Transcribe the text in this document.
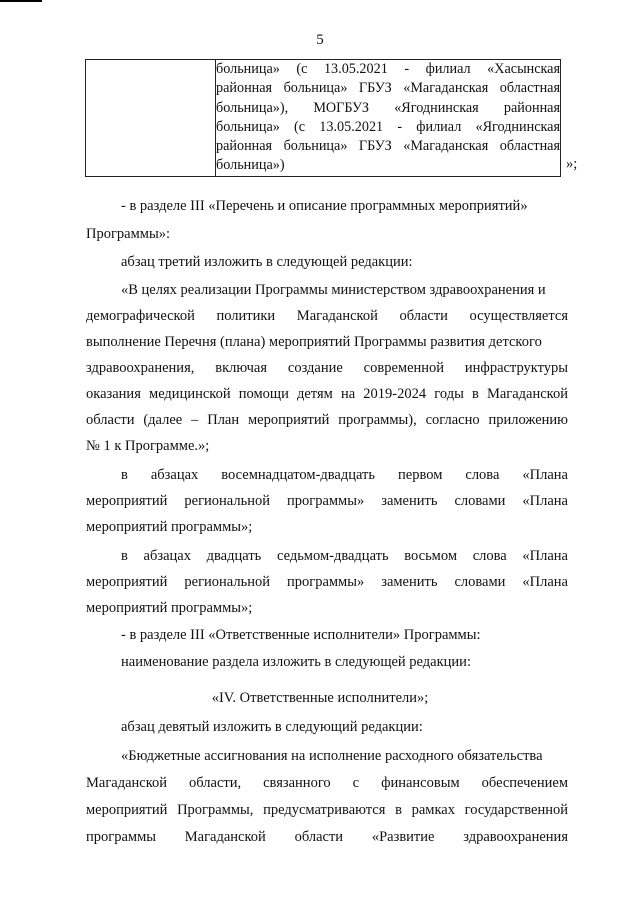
5

больница» (с 13.05.2021 - филиал «Хасынская
районная больница» ГБУЗ «Магаданская областная
больница»), МОГБУЗ «Ягоднинская районная
больница» (с 13.05.2021 - филиал «Ягоднинская
районная больница» ГБУЗ «Магаданская областная
больница»)	»;
- в разделе III «Перечень и описание программных мероприятий»
Программы»:
абзац третий изложить в следующей редакции:
«В целях реализации Программы министерством здравоохранения и
демографической политики Магаданской области осуществляется
выполнение Перечня (плана) мероприятий Программы развития детского
здравоохранения, включая создание современной инфраструктуры
оказания медицинской помощи детям на 2019-2024 годы в Магаданской
области (далее – План мероприятий программы), согласно приложению
№ 1 к Программе.»;
в абзацах восемнадцатом-двадцать первом слова «Плана
мероприятий региональной программы» заменить словами «Плана
мероприятий программы»;
в абзацах двадцать седьмом-двадцать восьмом слова «Плана
мероприятий региональной программы» заменить словами «Плана
мероприятий программы»;
- в разделе III «Ответственные исполнители» Программы:
наименование раздела изложить в следующей редакции:
«IV. Ответственные исполнители»;
абзац девятый изложить в следующий редакции:
«Бюджетные ассигнования на исполнение расходного обязательства
Магаданской области, связанного с финансовым обеспечением
мероприятий Программы, предусматриваются в рамках государственной
программы Магаданской области «Развитие здравоохранения
